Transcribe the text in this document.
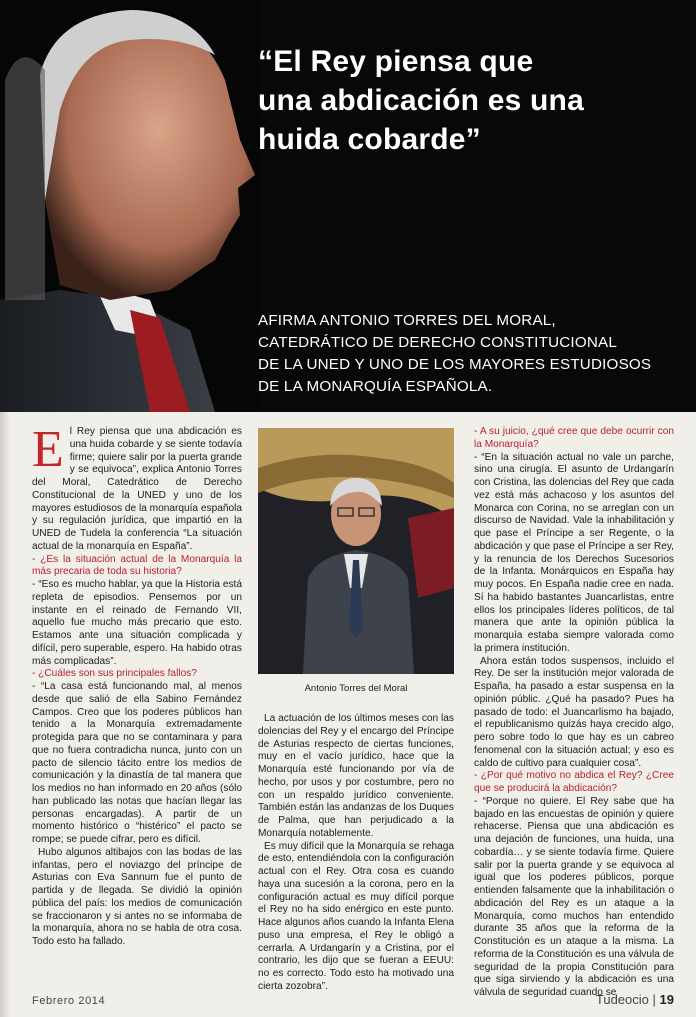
“El Rey piensa que
una abdicación es una
huida cobarde”
AFIRMA ANTONIO TORRES DEL MORAL,
CATEDRÁTICO DE DERECHO CONSTITUCIONAL
DE LA UNED Y UNO DE LOS MAYORES ESTUDIOSOS
DE LA MONARQUÍA ESPAÑOLA.

El Rey piensa que una abdicación es una huida cobarde y se siente todavía firme; quiere salir por la puerta grande y se equivoca”, explica Antonio Torres del Moral, Catedrático de Derecho Constitucional de la UNED y uno de los mayores estudiosos de la monarquía española y su regulación jurídica, que impartió en la UNED de Tudela la conferencia “La situación actual de la monarquía en España”.

- ¿Es la situación actual de la Monarquía la más precaria de toda su historia?

- “Eso es mucho hablar, ya que la Historia está repleta de episodios. Pensemos por un instante en el reinado de Fernando VII, aquello fue mucho más precario que esto. Estamos ante una situación complicada y difícil, pero superable, espero. Ha habido otras más complicadas”.

- ¿Cuáles son sus principales fallos?

- “La casa está funcionando mal, al menos desde que salió de ella Sabino Fernández Campos. Creo que los poderes públicos han tenido a la Monarquía extremadamente protegida para que no se contaminara y para que no fuera contradicha nunca, junto con un pacto de silencio tácito entre los medios de comunicación y la dinastía de tal manera que los medios no han informado en 20 años (sólo han publicado las notas que hacían llegar las personas encargadas). A partir de un momento histórico o “histérico” el pacto se rompe; se puede cifrar, pero es difícil.

Hubo algunos altibajos con las bodas de las infantas, pero el noviazgo del príncipe de Asturias con Eva Sannum fue el punto de partida y de llegada. Se dividió la opinión pública del país: los medios de comunicación se fraccionaron y si antes no se informaba de la monarquía, ahora no se habla de otra cosa. Todo esto ha fallado.

Antonio Torres del Moral

La actuación de los últimos meses con las dolencias del Rey y el encargo del Príncipe de Asturias respecto de ciertas funciones, muy en el vacío jurídico, hace que la Monarquía esté funcionando por vía de hecho, por usos y por costumbre, pero no con un respaldo jurídico conveniente. También están las andanzas de los Duques de Palma, que han perjudicado a la Monarquía notablemente.

Es muy difícil que la Monarquía se rehaga de esto, entendiéndola con la configuración actual con el Rey. Otra cosa es cuando haya una sucesión a la corona, pero en la configuración actual es muy difícil porque el Rey no ha sido enérgico en este punto. Hace algunos años cuando la Infanta Elena puso una empresa, el Rey le obligó a cerrarla. A Urdangarín y a Cristina, por el contrario, les dijo que se fueran a EEUU: no es correcto. Todo esto ha motivado una cierta zozobra”.

- A su juicio, ¿qué cree que debe ocurrir con la Monarquía?

- “En la situación actual no vale un parche, sino una cirugía. El asunto de Urdangarín con Cristina, las dolencias del Rey que cada vez está más achacoso y los asuntos del Monarca con Corina, no se arreglan con un discurso de Navidad. Vale la inhabilitación y que pase el Príncipe a ser Regente, o la abdicación y que pase el Príncipe a ser Rey, y la renuncia de los Derechos Sucesorios de la Infanta. Monárquicos en España hay muy pocos. En España nadie cree en nada. Sí ha habido bastantes Juancarlistas, entre ellos los principales líderes políticos, de tal manera que ante la opinión pública la monarquía estaba siempre valorada como la primera institución.

Ahora están todos suspensos, incluido el Rey. De ser la institución mejor valorada de España, ha pasado a estar suspensa en la opinión públic. ¿Qué ha pasado? Pues ha pasado de todo: el Juancarlismo ha bajado, el republicanismo quizás haya crecido algo, pero sobre todo lo que hay es un cabreo fenomenal con la situación actual; y eso es caldo de cultivo para cualquier cosa”.

- ¿Por qué motivo no abdica el Rey? ¿Cree que se producirá la abdicación?

- “Porque no quiere. El Rey sabe que ha bajado en las encuestas de opinión y quiere rehacerse. Piensa que una abdicación es una dejación de funciones, una huida, una cobardía… y se siente todavía firme. Quiere salir por la puerta grande y se equivoca al igual que los poderes públicos, porque entienden falsamente que la inhabilitación o abdicación del Rey es un ataque a la Monarquía, como muchos han entendido durante 35 años que la reforma de la Constitución es un ataque a la misma. La reforma de la Constitución es una válvula de seguridad de la propia Constitución para que siga sirviendo y la abdicación es una válvula de seguridad cuando se

Febrero 2014	Tudeocio | 19
